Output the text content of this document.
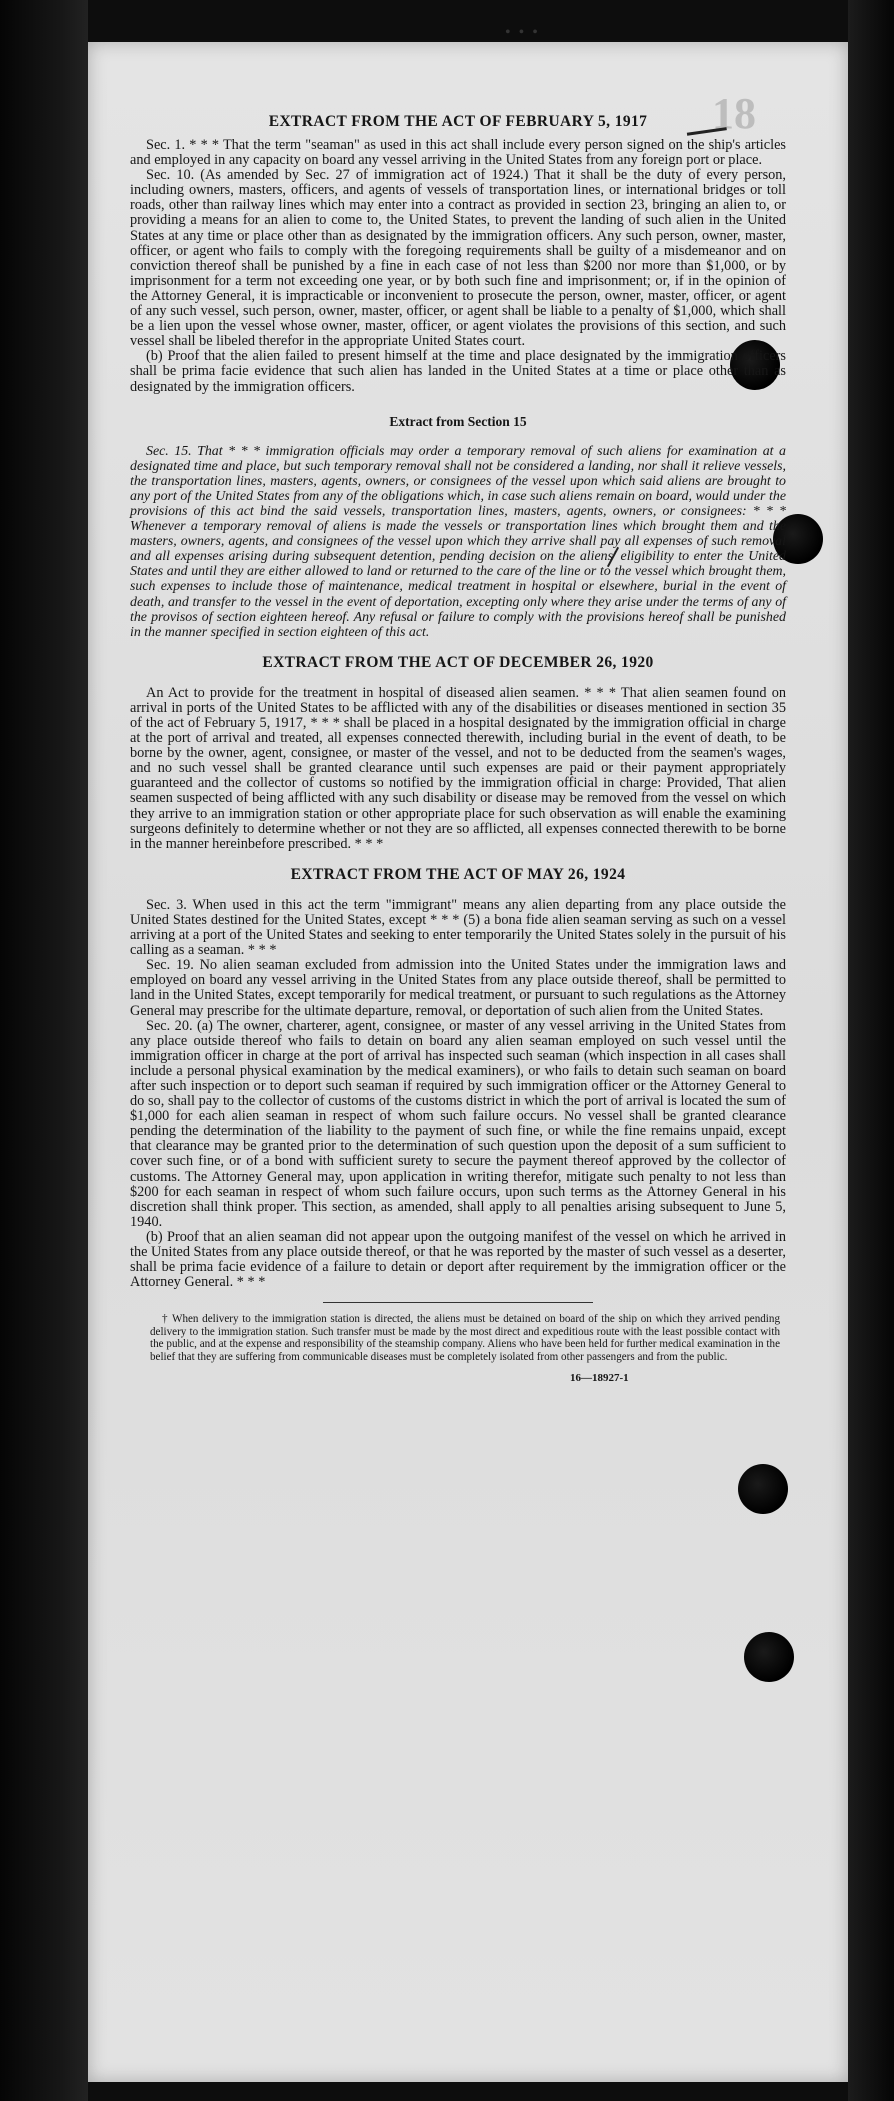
• • •
18
EXTRACT FROM THE ACT OF FEBRUARY 5, 1917

Sec. 1. * * * That the term "seaman" as used in this act shall include every person signed on the ship's articles and employed in any capacity on board any vessel arriving in the United States from any foreign port or place.

Sec. 10. (As amended by Sec. 27 of immigration act of 1924.) That it shall be the duty of every person, including owners, masters, officers, and agents of vessels of transportation lines, or international bridges or toll roads, other than railway lines which may enter into a contract as provided in section 23, bringing an alien to, or providing a means for an alien to come to, the United States, to prevent the landing of such alien in the United States at any time or place other than as designated by the immigration officers. Any such person, owner, master, officer, or agent who fails to comply with the foregoing requirements shall be guilty of a misdemeanor and on conviction thereof shall be punished by a fine in each case of not less than $200 nor more than $1,000, or by imprisonment for a term not exceeding one year, or by both such fine and imprisonment; or, if in the opinion of the Attorney General, it is impracticable or inconvenient to prosecute the person, owner, master, officer, or agent of any such vessel, such person, owner, master, officer, or agent shall be liable to a penalty of $1,000, which shall be a lien upon the vessel whose owner, master, officer, or agent violates the provisions of this section, and such vessel shall be libeled therefor in the appropriate United States court.

(b) Proof that the alien failed to present himself at the time and place designated by the immigration officers shall be prima facie evidence that such alien has landed in the United States at a time or place other than as designated by the immigration officers.

Extract from Section 15

Sec. 15. That * * * immigration officials may order a temporary removal of such aliens for examination at a designated time and place, but such temporary removal shall not be considered a landing, nor shall it relieve vessels, the transportation lines, masters, agents, owners, or consignees of the vessel upon which said aliens are brought to any port of the United States from any of the obligations which, in case such aliens remain on board, would under the provisions of this act bind the said vessels, transportation lines, masters, agents, owners, or consignees: * * * Whenever a temporary removal of aliens is made the vessels or transportation lines which brought them and the masters, owners, agents, and consignees of the vessel upon which they arrive shall pay all expenses of such removal and all expenses arising during subsequent detention, pending decision on the aliens' eligibility to enter the United States and until they are either allowed to land or returned to the care of the line or to the vessel which brought them, such expenses to include those of maintenance, medical treatment in hospital or elsewhere, burial in the event of death, and transfer to the vessel in the event of deportation, excepting only where they arise under the terms of any of the provisos of section eighteen hereof. Any refusal or failure to comply with the provisions hereof shall be punished in the manner specified in section eighteen of this act.

EXTRACT FROM THE ACT OF DECEMBER 26, 1920

An Act to provide for the treatment in hospital of diseased alien seamen. * * * That alien seamen found on arrival in ports of the United States to be afflicted with any of the disabilities or diseases mentioned in section 35 of the act of February 5, 1917, * * * shall be placed in a hospital designated by the immigration official in charge at the port of arrival and treated, all expenses connected therewith, including burial in the event of death, to be borne by the owner, agent, consignee, or master of the vessel, and not to be deducted from the seamen's wages, and no such vessel shall be granted clearance until such expenses are paid or their payment appropriately guaranteed and the collector of customs so notified by the immigration official in charge: Provided, That alien seamen suspected of being afflicted with any such disability or disease may be removed from the vessel on which they arrive to an immigration station or other appropriate place for such observation as will enable the examining surgeons definitely to determine whether or not they are so afflicted, all expenses connected therewith to be borne in the manner hereinbefore prescribed. * * *

EXTRACT FROM THE ACT OF MAY 26, 1924

Sec. 3. When used in this act the term "immigrant" means any alien departing from any place outside the United States destined for the United States, except * * * (5) a bona fide alien seaman serving as such on a vessel arriving at a port of the United States and seeking to enter temporarily the United States solely in the pursuit of his calling as a seaman. * * *

Sec. 19. No alien seaman excluded from admission into the United States under the immigration laws and employed on board any vessel arriving in the United States from any place outside thereof, shall be permitted to land in the United States, except temporarily for medical treatment, or pursuant to such regulations as the Attorney General may prescribe for the ultimate departure, removal, or deportation of such alien from the United States.

Sec. 20. (a) The owner, charterer, agent, consignee, or master of any vessel arriving in the United States from any place outside thereof who fails to detain on board any alien seaman employed on such vessel until the immigration officer in charge at the port of arrival has inspected such seaman (which inspection in all cases shall include a personal physical examination by the medical examiners), or who fails to detain such seaman on board after such inspection or to deport such seaman if required by such immigration officer or the Attorney General to do so, shall pay to the collector of customs of the customs district in which the port of arrival is located the sum of $1,000 for each alien seaman in respect of whom such failure occurs. No vessel shall be granted clearance pending the determination of the liability to the payment of such fine, or while the fine remains unpaid, except that clearance may be granted prior to the determination of such question upon the deposit of a sum sufficient to cover such fine, or of a bond with sufficient surety to secure the payment thereof approved by the collector of customs. The Attorney General may, upon application in writing therefor, mitigate such penalty to not less than $200 for each seaman in respect of whom such failure occurs, upon such terms as the Attorney General in his discretion shall think proper. This section, as amended, shall apply to all penalties arising subsequent to June 5, 1940.

(b) Proof that an alien seaman did not appear upon the outgoing manifest of the vessel on which he arrived in the United States from any place outside thereof, or that he was reported by the master of such vessel as a deserter, shall be prima facie evidence of a failure to detain or deport after requirement by the immigration officer or the Attorney General. * * *

† When delivery to the immigration station is directed, the aliens must be detained on board of the ship on which they arrived pending delivery to the immigration station. Such transfer must be made by the most direct and expeditious route with the least possible contact with the public, and at the expense and responsibility of the steamship company. Aliens who have been held for further medical examination in the belief that they are suffering from communicable diseases must be completely isolated from other passengers and from the public.

16—18927-1
